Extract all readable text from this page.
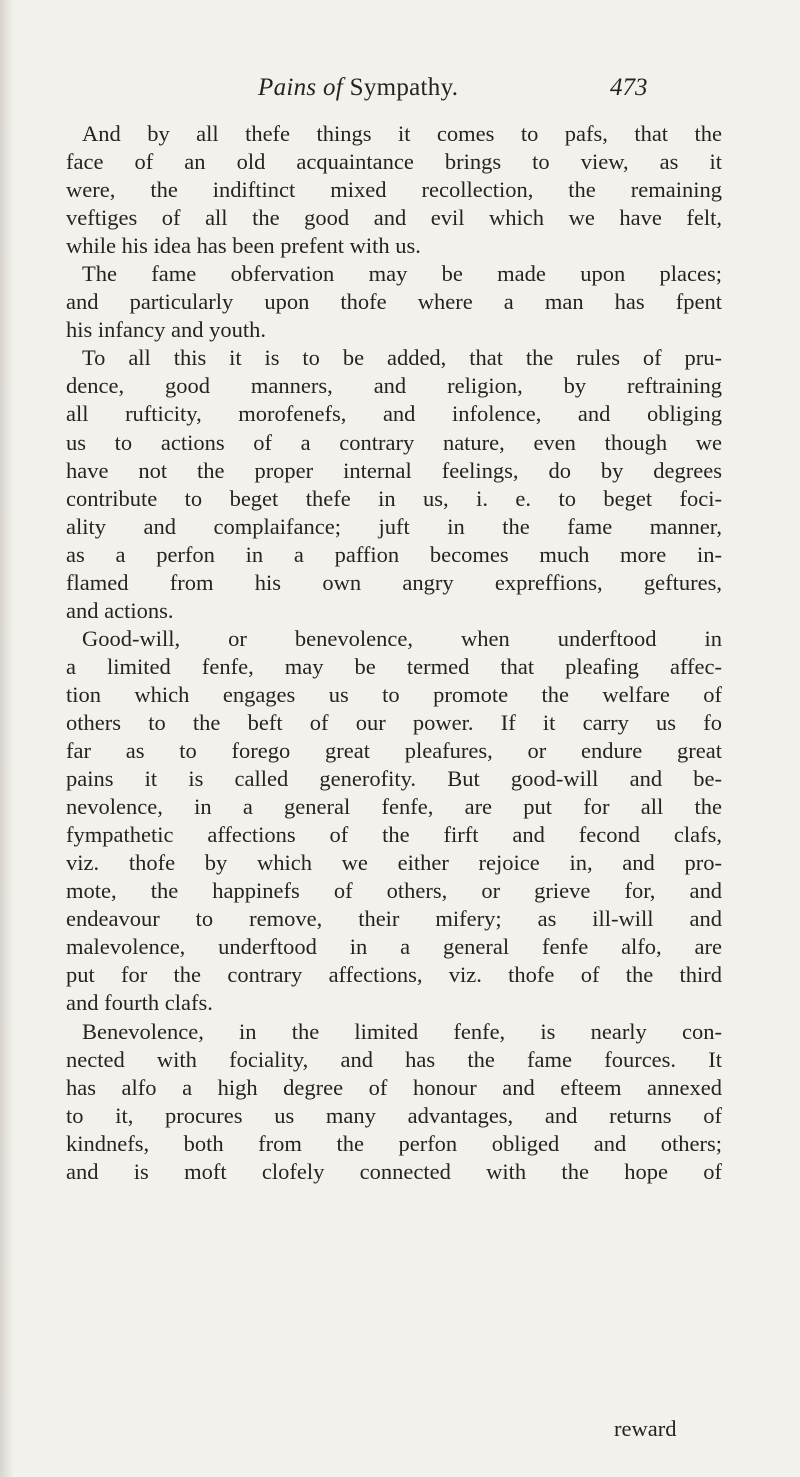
Pains of Sympathy.	473
And by all thefe things it comes to pafs, that the
face of an old acquaintance brings to view, as it
were, the indiftinct mixed recollection, the remaining
veftiges of all the good and evil which we have felt,
while his idea has been prefent with us.
The fame obfervation may be made upon places;
and particularly upon thofe where a man has fpent
his infancy and youth.
To all this it is to be added, that the rules of pru-
dence, good manners, and religion, by reftraining
all rufticity, morofenefs, and infolence, and obliging
us to actions of a contrary nature, even though we
have not the proper internal feelings, do by degrees
contribute to beget thefe in us, i. e. to beget foci-
ality and complaifance; juft in the fame manner,
as a perfon in a paffion becomes much more in-
flamed from his own angry expreffions, geftures,
and actions.
Good-will, or benevolence, when underftood in
a limited fenfe, may be termed that pleafing affec-
tion which engages us to promote the welfare of
others to the beft of our power. If it carry us fo
far as to forego great pleafures, or endure great
pains it is called generofity. But good-will and be-
nevolence, in a general fenfe, are put for all the
fympathetic affections of the firft and fecond clafs,
viz. thofe by which we either rejoice in, and pro-
mote, the happinefs of others, or grieve for, and
endeavour to remove, their mifery; as ill-will and
malevolence, underftood in a general fenfe alfo, are
put for the contrary affections, viz. thofe of the third
and fourth clafs.
Benevolence, in the limited fenfe, is nearly con-
nected with fociality, and has the fame fources. It
has alfo a high degree of honour and efteem annexed
to it, procures us many advantages, and returns of
kindnefs, both from the perfon obliged and others;
and is moft clofely connected with the hope of
reward
